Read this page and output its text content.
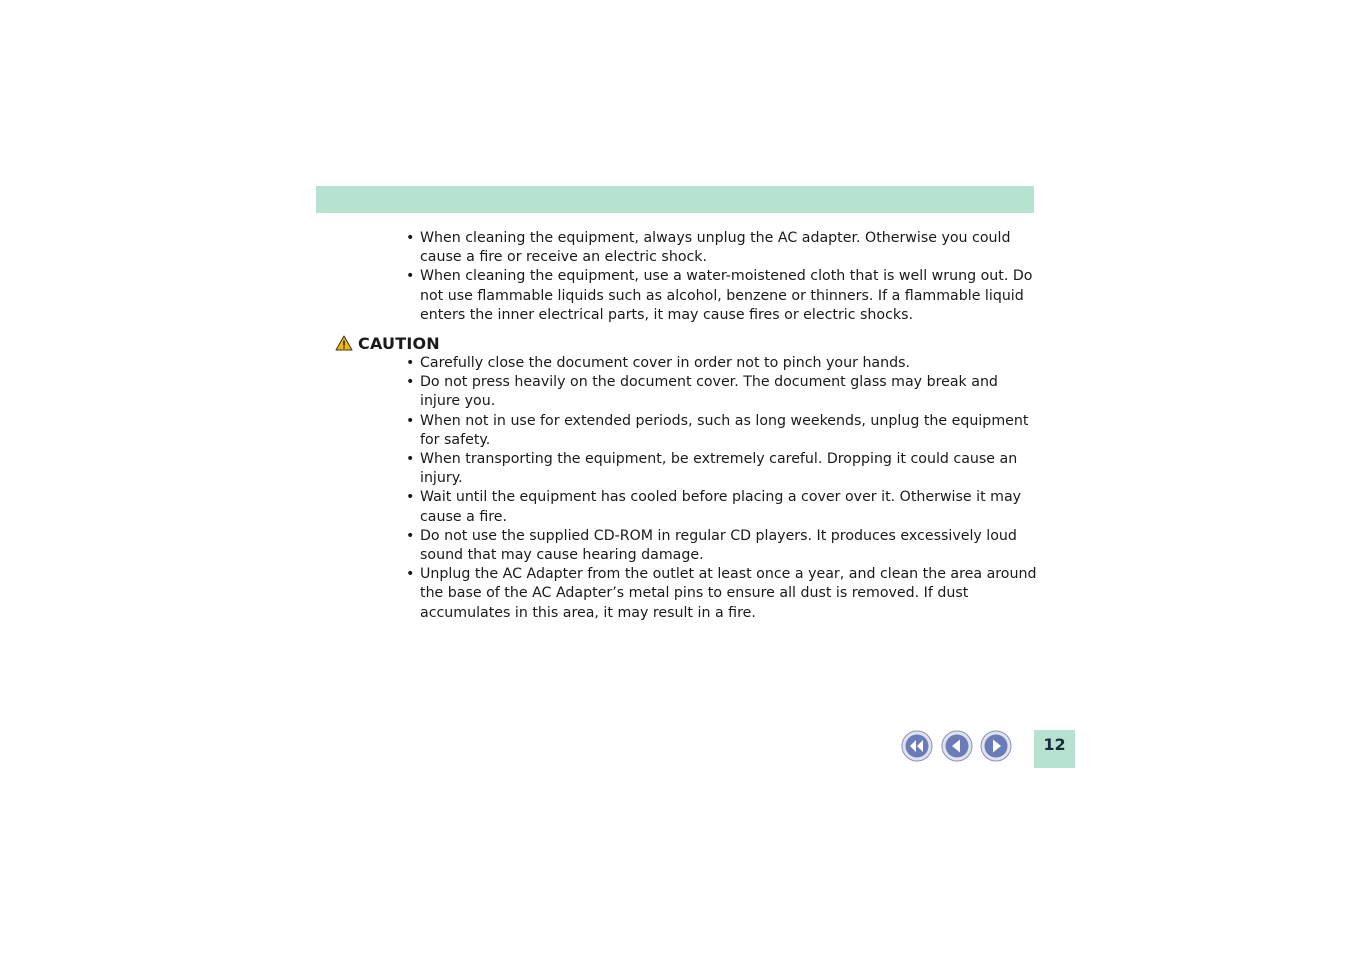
• When cleaning the equipment, always unplug the AC adapter. Otherwise you could cause a fire or receive an electric shock.
• When cleaning the equipment, use a water-moistened cloth that is well wrung out. Do not use flammable liquids such as alcohol, benzene or thinners. If a flammable liquid enters the inner electrical parts, it may cause fires or electric shocks.
CAUTION
• Carefully close the document cover in order not to pinch your hands.
• Do not press heavily on the document cover. The document glass may break and injure you.
• When not in use for extended periods, such as long weekends, unplug the equipment for safety.
• When transporting the equipment, be extremely careful. Dropping it could cause an injury.
• Wait until the equipment has cooled before placing a cover over it. Otherwise it may cause a fire.
• Do not use the supplied CD-ROM in regular CD players. It produces excessively loud sound that may cause hearing damage.
• Unplug the AC Adapter from the outlet at least once a year, and clean the area around the base of the AC Adapter’s metal pins to ensure all dust is removed. If dust accumulates in this area, it may result in a fire.
12
